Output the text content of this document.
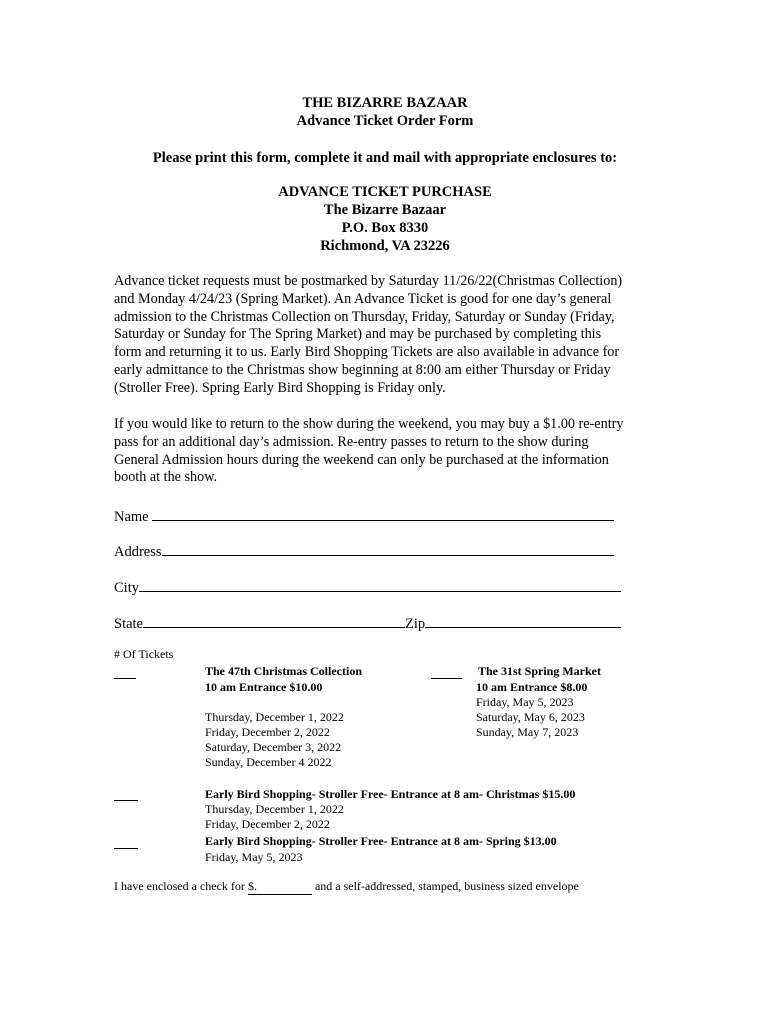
THE BIZARRE BAZAAR
Advance Ticket Order Form
Please print this form, complete it and mail with appropriate enclosures to:
ADVANCE TICKET PURCHASE
The Bizarre Bazaar
P.O. Box 8330
Richmond, VA 23226
Advance ticket requests must be postmarked by Saturday 11/26/22(Christmas Collection)
and Monday 4/24/23 (Spring Market). An Advance Ticket is good for one day’s general
admission to the Christmas Collection on Thursday, Friday, Saturday or Sunday (Friday,
Saturday or Sunday for The Spring Market) and may be purchased by completing this
form and returning it to us. Early Bird Shopping Tickets are also available in advance for
early admittance to the Christmas show beginning at 8:00 am either Thursday or Friday
(Stroller Free). Spring Early Bird Shopping is Friday only.
If you would like to return to the show during the weekend, you may buy a $1.00 re-entry
pass for an additional day’s admission. Re-entry passes to return to the show during
General Admission hours during the weekend can only be purchased at the information
booth at the show.
Name
Address
City
State	Zip
# Of Tickets
The 47th Christmas Collection
10 am Entrance $10.00
Thursday, December 1, 2022
Friday, December 2, 2022
Saturday, December 3, 2022
Sunday, December 4 2022
The 31st Spring Market
10 am Entrance $8.00
Friday, May 5, 2023
Saturday, May 6, 2023
Sunday, May 7, 2023
Early Bird Shopping- Stroller Free- Entrance at 8 am- Christmas $15.00
Thursday, December 1, 2022
Friday, December 2, 2022
Early Bird Shopping- Stroller Free- Entrance at 8 am- Spring $13.00
Friday, May 5, 2023
I have enclosed a check for $.	and a self-addressed, stamped, business sized envelope
